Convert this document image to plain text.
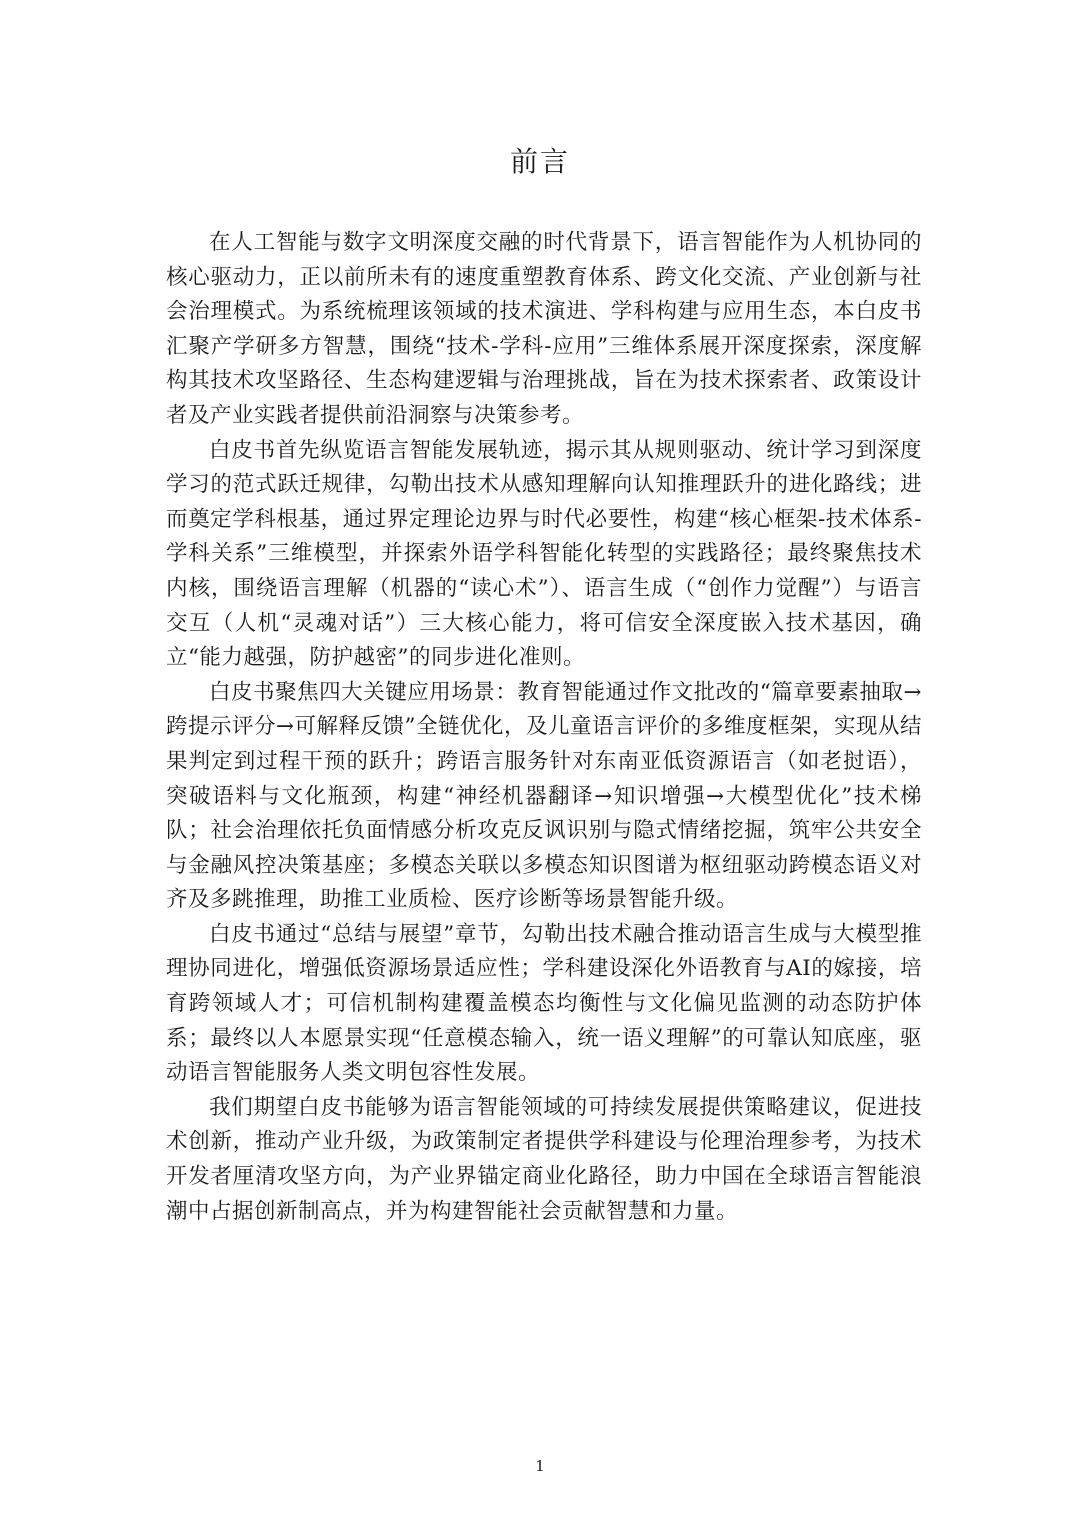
前言

在人工智能与数字文明深度交融的时代背景下，语言智能作为人机协同的核心驱动力，正以前所未有的速度重塑教育体系、跨文化交流、产业创新与社会治理模式。为系统梳理该领域的技术演进、学科构建与应用生态，本白皮书汇聚产学研多方智慧，围绕“技术-学科-应用”三维体系展开深度探索，深度解构其技术攻坚路径、生态构建逻辑与治理挑战，旨在为技术探索者、政策设计者及产业实践者提供前沿洞察与决策参考。

白皮书首先纵览语言智能发展轨迹，揭示其从规则驱动、统计学习到深度学习的范式跃迁规律，勾勒出技术从感知理解向认知推理跃升的进化路线；进而奠定学科根基，通过界定理论边界与时代必要性，构建“核心框架-技术体系-学科关系”三维模型，并探索外语学科智能化转型的实践路径；最终聚焦技术内核，围绕语言理解（机器的“读心术”）、语言生成（“创作力觉醒”）与语言交互（人机“灵魂对话”）三大核心能力，将可信安全深度嵌入技术基因，确立“能力越强，防护越密”的同步进化准则。

白皮书聚焦四大关键应用场景：教育智能通过作文批改的“篇章要素抽取→跨提示评分→可解释反馈”全链优化，及儿童语言评价的多维度框架，实现从结果判定到过程干预的跃升；跨语言服务针对东南亚低资源语言（如老挝语），突破语料与文化瓶颈，构建“神经机器翻译→知识增强→大模型优化”技术梯队；社会治理依托负面情感分析攻克反讽识别与隐式情绪挖掘，筑牢公共安全与金融风控决策基座；多模态关联以多模态知识图谱为枢纽驱动跨模态语义对齐及多跳推理，助推工业质检、医疗诊断等场景智能升级。

白皮书通过“总结与展望”章节，勾勒出技术融合推动语言生成与大模型推理协同进化，增强低资源场景适应性；学科建设深化外语教育与AI的嫁接，培育跨领域人才；可信机制构建覆盖模态均衡性与文化偏见监测的动态防护体系；最终以人本愿景实现“任意模态输入，统一语义理解”的可靠认知底座，驱动语言智能服务人类文明包容性发展。

我们期望白皮书能够为语言智能领域的可持续发展提供策略建议，促进技术创新，推动产业升级，为政策制定者提供学科建设与伦理治理参考，为技术开发者厘清攻坚方向，为产业界锚定商业化路径，助力中国在全球语言智能浪潮中占据创新制高点，并为构建智能社会贡献智慧和力量。

1
